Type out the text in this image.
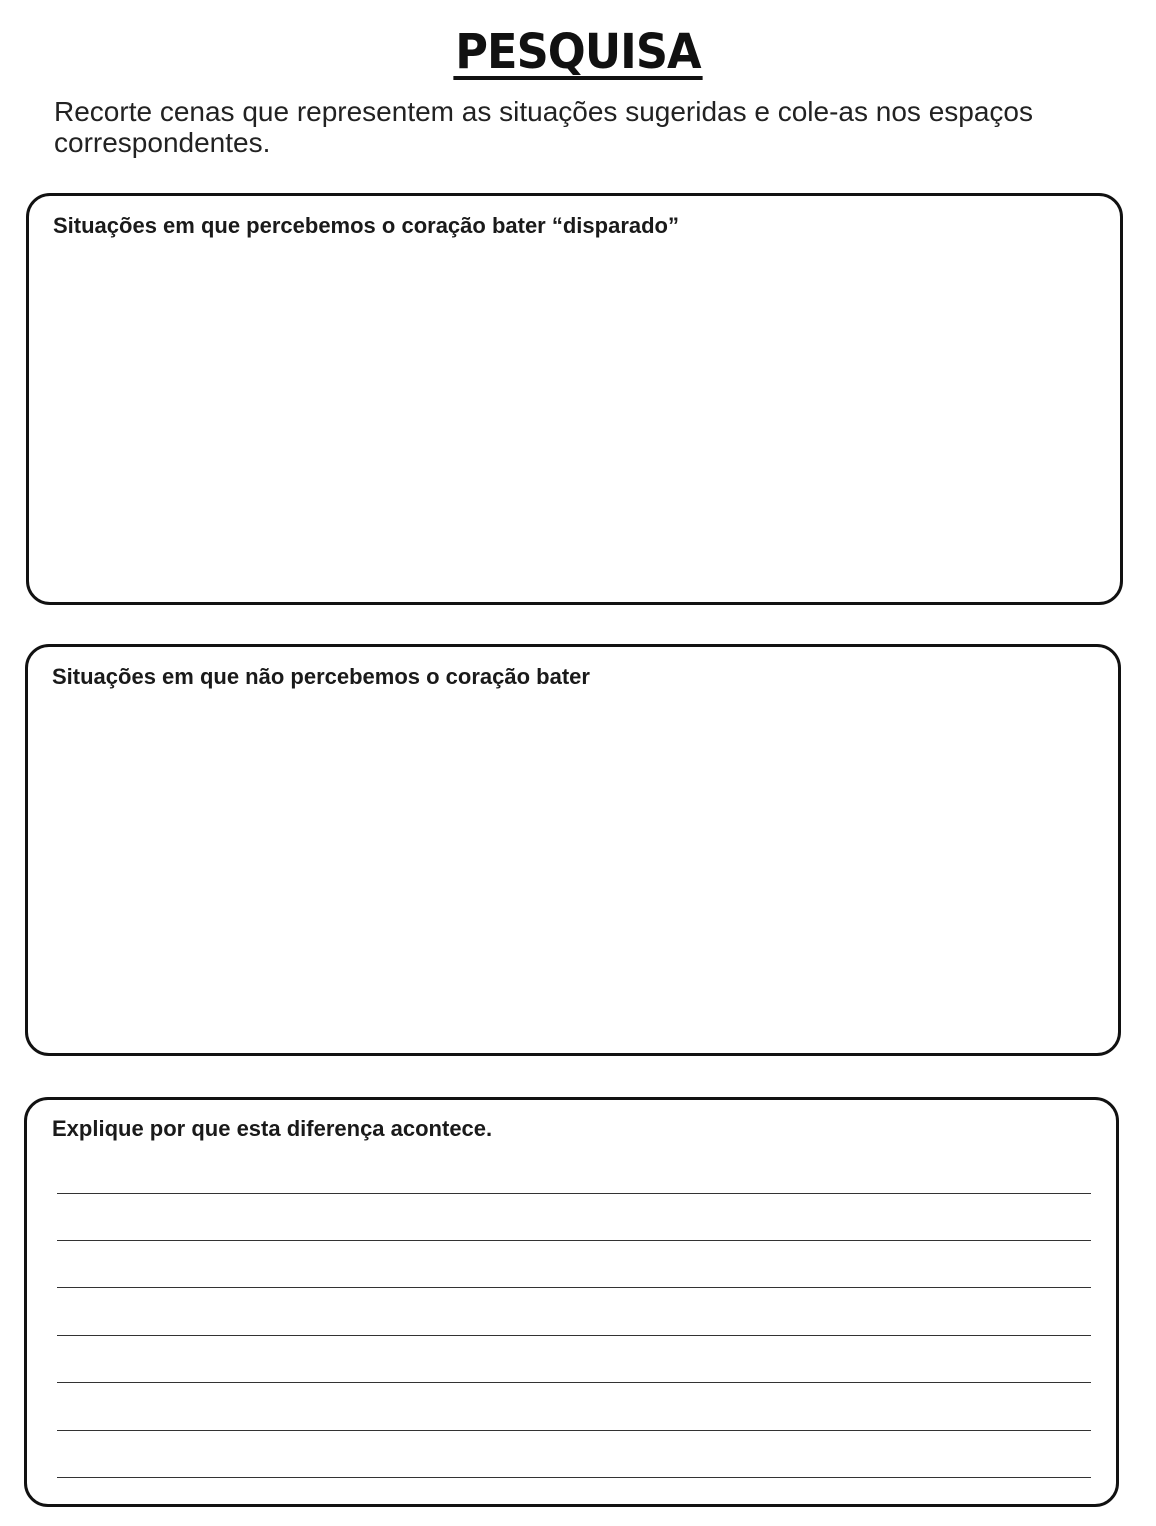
PESQUISA
Recorte cenas que representem as situações sugeridas e cole-as nos espaços correspondentes.
Situações em que percebemos o coração bater “disparado”
Situações em que não percebemos o coração bater
Explique por que esta diferença acontece.
